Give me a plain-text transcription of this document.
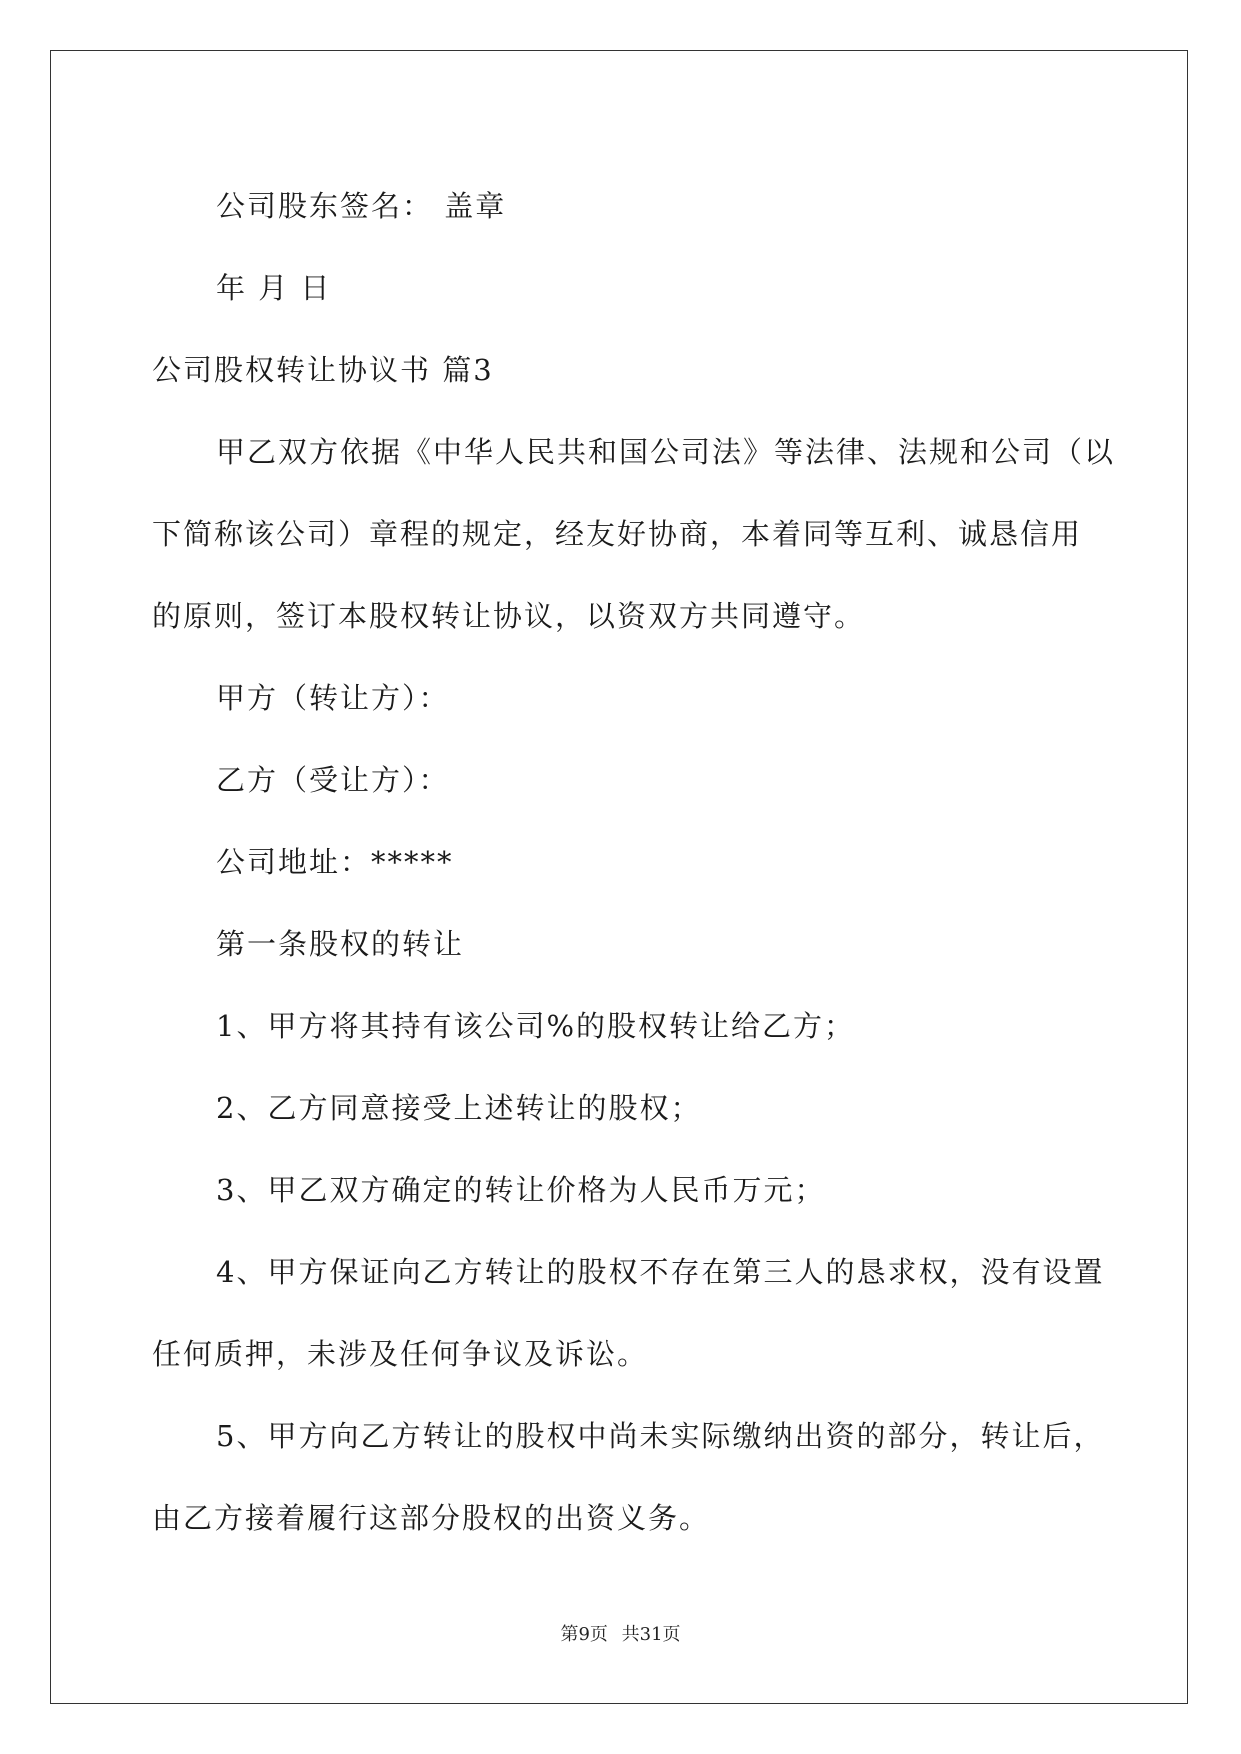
公司股东签名： 盖章
年 月 日
公司股权转让协议书 篇3
甲乙双方依据《中华人民共和国公司法》等法律、法规和公司（以
下简称该公司）章程的规定，经友好协商，本着同等互利、诚恳信用
的原则，签订本股权转让协议，以资双方共同遵守。
甲方（转让方）：
乙方（受让方）：
公司地址：*****
第一条股权的转让
1、甲方将其持有该公司%的股权转让给乙方；
2、乙方同意接受上述转让的股权；
3、甲乙双方确定的转让价格为人民币万元；
4、甲方保证向乙方转让的股权不存在第三人的恳求权，没有设置
任何质押，未涉及任何争议及诉讼。
5、甲方向乙方转让的股权中尚未实际缴纳出资的部分，转让后，
由乙方接着履行这部分股权的出资义务。
第9页 共31页
